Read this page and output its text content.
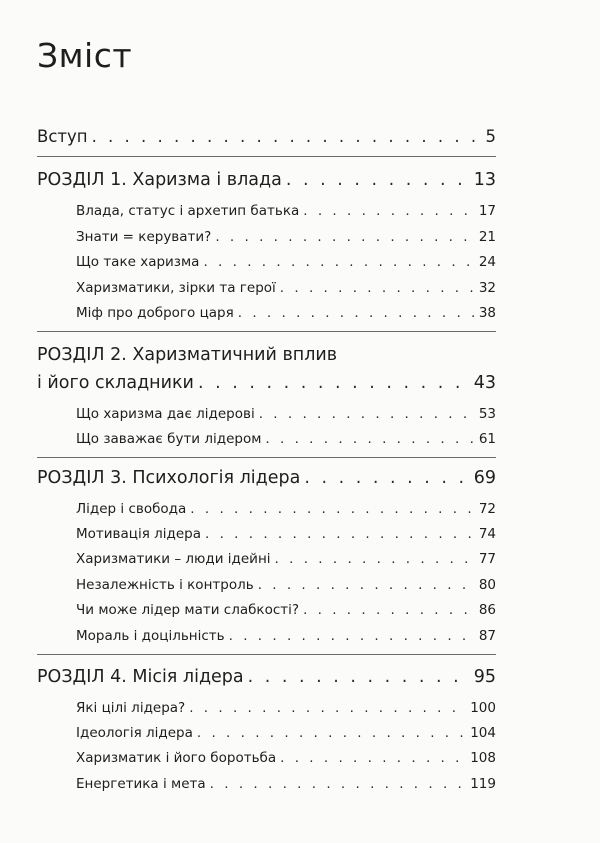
Зміст
Вступ . . .	5
РОЗДІЛ 1. Харизма і влада . . .	13
Влада, статус і архетип батька . . .	17
Знати = керувати? . . .	21
Що таке харизма . . .	24
Харизматики, зірки та герої . . .	32
Міф про доброго царя . . .	38
РОЗДІЛ 2. Харизматичний вплив
і його складники . . .	43
Що харизма дає лідерові . . .	53
Що заважає бути лідером . . .	61
РОЗДІЛ 3. Психологія лідера . . .	69
Лідер і свобода . . .	72
Мотивація лідера . . .	74
Харизматики – люди ідейні . . .	77
Незалежність і контроль . . .	80
Чи може лідер мати слабкості? . . .	86
Мораль і доцільність . . .	87
РОЗДІЛ 4. Місія лідера . . .	95
Які цілі лідера? . . .	100
Ідеологія лідера . . .	104
Харизматик і його боротьба . . .	108
Енергетика і мета . . .	119
